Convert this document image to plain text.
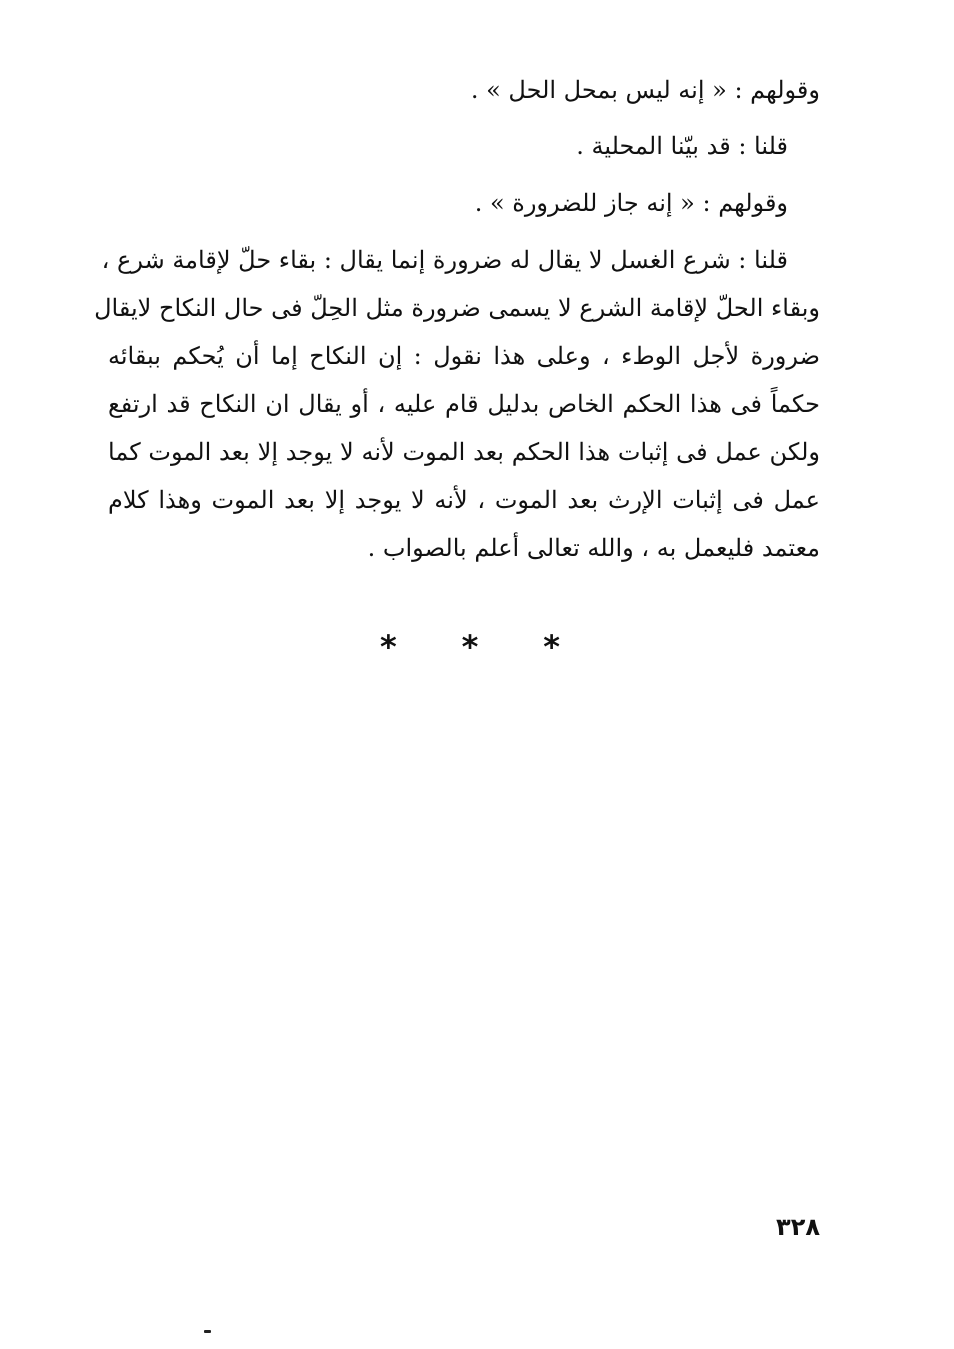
وقولهم : « إنه ليس بمحل الحل » .
قلنا : قد بيّنا المحلية .
وقولهم : « إنه جاز للضرورة » .
قلنا : شرع الغسل لا يقال له ضرورة إنما يقال : بقاء حلّ لإقامة شرع ،
وبقاء الحلّ لإقامة الشرع لا يسمى ضرورة مثل الحِلّ فى حال النكاح لايقال
ضرورة لأجل الوطء ، وعلى هذا نقول : إن النكاح إما أن يُحكم ببقائه
حكماً فى هذا الحكم الخاص بدليل قام عليه ، أو يقال ان النكاح قد ارتفع
ولكن عمل فى إثبات هذا الحكم بعد الموت لأنه لا يوجد إلا بعد الموت كما
عمل فى إثبات الإرث بعد الموت ، لأنه لا يوجد إلا بعد الموت وهذا كلام
معتمد فليعمل به ، والله تعالى أعلم بالصواب .
* * *
٣٢٨
